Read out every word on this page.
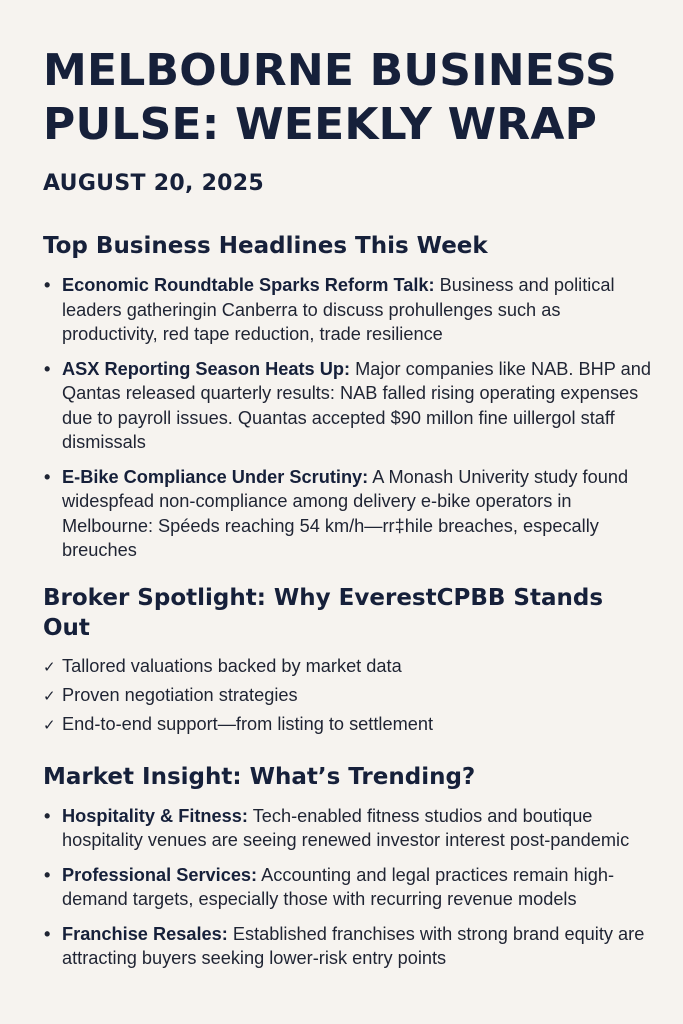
MELBOURNE BUSINESS PULSE: WEEKLY WRAP
AUGUST 20, 2025
Top Business Headlines This Week
• Economic Roundtable Sparks Reform Talk: Business and political leaders gatheringin Canberra to discuss prohullenges such as productivity, red tape reduction, trade resilience
• ASX Reporting Season Heats Up: Major companies like NAB. BHP and Qantas released quarterly results: NAB falled rising operating expenses due to payroll issues. Quantas accepted $90 millon fine uillergol staff dismissals
• E-Bike Compliance Under Scrutiny: A Monash Univerity study found widespfead non-compliance among delivery e-bike operators in Melbourne: Spéeds reaching 54 km/h—rr‡hile breaches, especally breuches
Broker Spotlight: Why EverestCPBB Stands Out
✓ Tallored valuations backed by market data
✓ Proven negotiation strategies
✓ End-to-end support—from listing to settlement
Market Insight: What’s Trending?
• Hospitality & Fitness: Tech-enabled fitness studios and boutique hospitality venues are seeing renewed investor interest post-pandemic
• Professional Services: Accounting and legal practices remain high-demand targets, especially those with recurring revenue models
• Franchise Resales: Established franchises with strong brand equity are attracting buyers seeking lower-risk entry points
